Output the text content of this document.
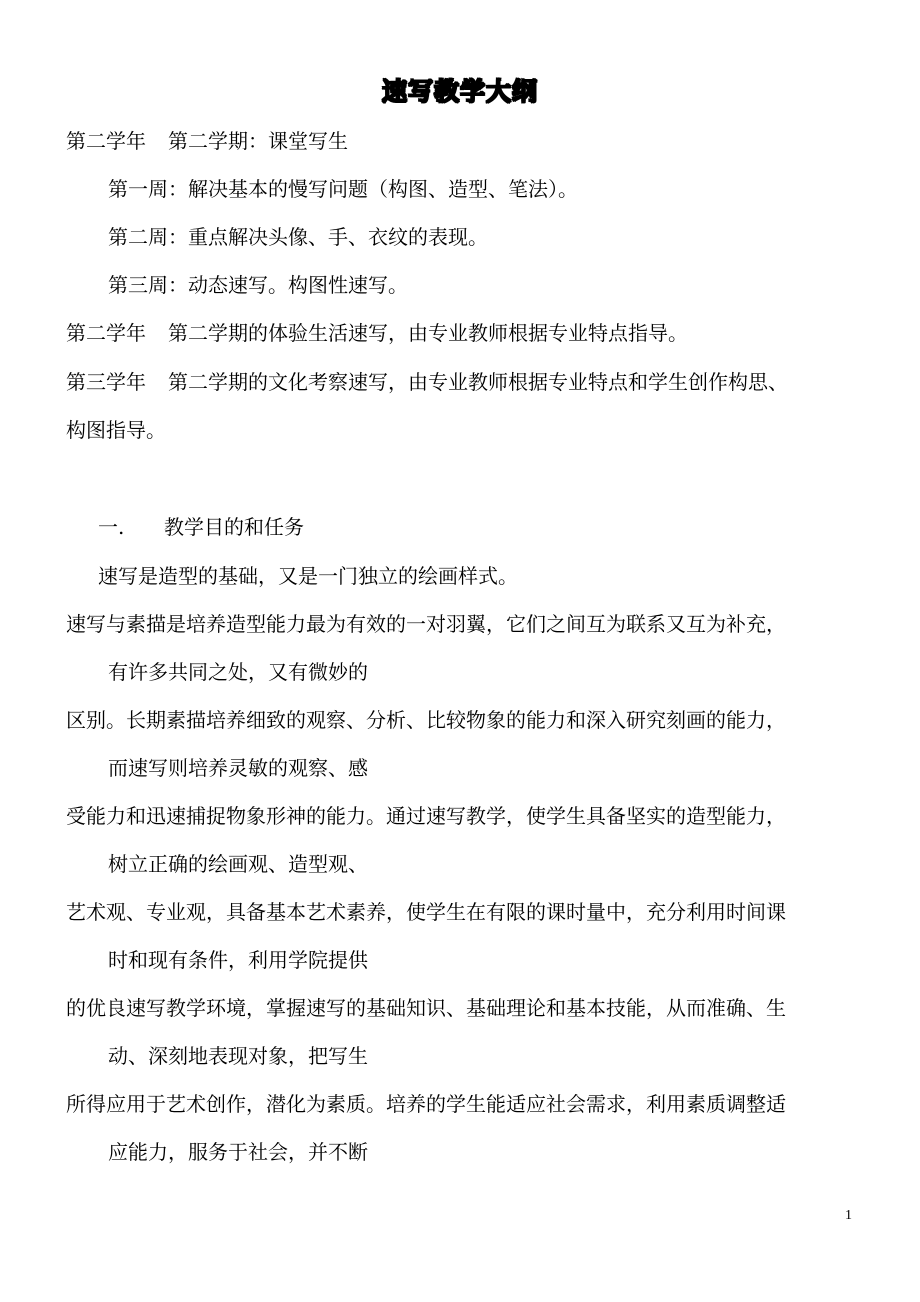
速写教学大纲
第二学年 第二学期：课堂写生
第一周：解决基本的慢写问题（构图、造型、笔法）。
第二周：重点解决头像、手、衣纹的表现。
第三周：动态速写。构图性速写。
第二学年 第二学期的体验生活速写，由专业教师根据专业特点指导。
第三学年 第二学期的文化考察速写，由专业教师根据专业特点和学生创作构思、
构图指导。
一. 教学目的和任务
速写是造型的基础，又是一门独立的绘画样式。
速写与素描是培养造型能力最为有效的一对羽翼，它们之间互为联系又互为补充，
有许多共同之处，又有微妙的
区别。长期素描培养细致的观察、分析、比较物象的能力和深入研究刻画的能力，
而速写则培养灵敏的观察、感
受能力和迅速捕捉物象形神的能力。通过速写教学，使学生具备坚实的造型能力，
树立正确的绘画观、造型观、
艺术观、专业观，具备基本艺术素养，使学生在有限的课时量中，充分利用时间课
时和现有条件，利用学院提供
的优良速写教学环境，掌握速写的基础知识、基础理论和基本技能，从而准确、生
动、深刻地表现对象，把写生
所得应用于艺术创作，潜化为素质。培养的学生能适应社会需求，利用素质调整适
应能力，服务于社会，并不断
1
